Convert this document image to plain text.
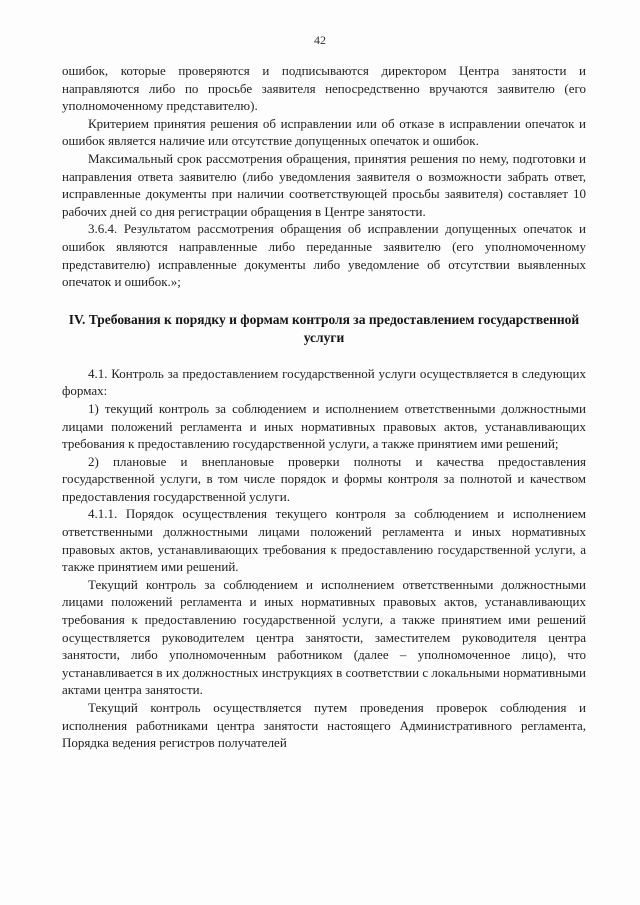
42

ошибок, которые проверяются и подписываются директором Центра занятости и направляются либо по просьбе заявителя непосредственно вручаются заявителю (его уполномоченному представителю).

Критерием принятия решения об исправлении или об отказе в исправлении опечаток и ошибок является наличие или отсутствие допущенных опечаток и ошибок.

Максимальный срок рассмотрения обращения, принятия решения по нему, подготовки и направления ответа заявителю (либо уведомления заявителя о возможности забрать ответ, исправленные документы при наличии соответствующей просьбы заявителя) составляет 10 рабочих дней со дня регистрации обращения в Центре занятости.

3.6.4. Результатом рассмотрения обращения об исправлении допущенных опечаток и ошибок являются направленные либо переданные заявителю (его уполномоченному представителю) исправленные документы либо уведомление об отсутствии выявленных опечаток и ошибок.»;

IV. Требования к порядку и формам контроля за предоставлением государственной услуги

4.1. Контроль за предоставлением государственной услуги осуществляется в следующих формах:

1) текущий контроль за соблюдением и исполнением ответственными должностными лицами положений регламента и иных нормативных правовых актов, устанавливающих требования к предоставлению государственной услуги, а также принятием ими решений;

2) плановые и внеплановые проверки полноты и качества предоставления государственной услуги, в том числе порядок и формы контроля за полнотой и качеством предоставления государственной услуги.

4.1.1. Порядок осуществления текущего контроля за соблюдением и исполнением ответственными должностными лицами положений регламента и иных нормативных правовых актов, устанавливающих требования к предоставлению государственной услуги, а также принятием ими решений.

Текущий контроль за соблюдением и исполнением ответственными должностными лицами положений регламента и иных нормативных правовых актов, устанавливающих требования к предоставлению государственной услуги, а также принятием ими решений осуществляется руководителем центра занятости, заместителем руководителя центра занятости, либо уполномоченным работником (далее – уполномоченное лицо), что устанавливается в их должностных инструкциях в соответствии с локальными нормативными актами центра занятости.

Текущий контроль осуществляется путем проведения проверок соблюдения и исполнения работниками центра занятости настоящего Административного регламента, Порядка ведения регистров получателей
